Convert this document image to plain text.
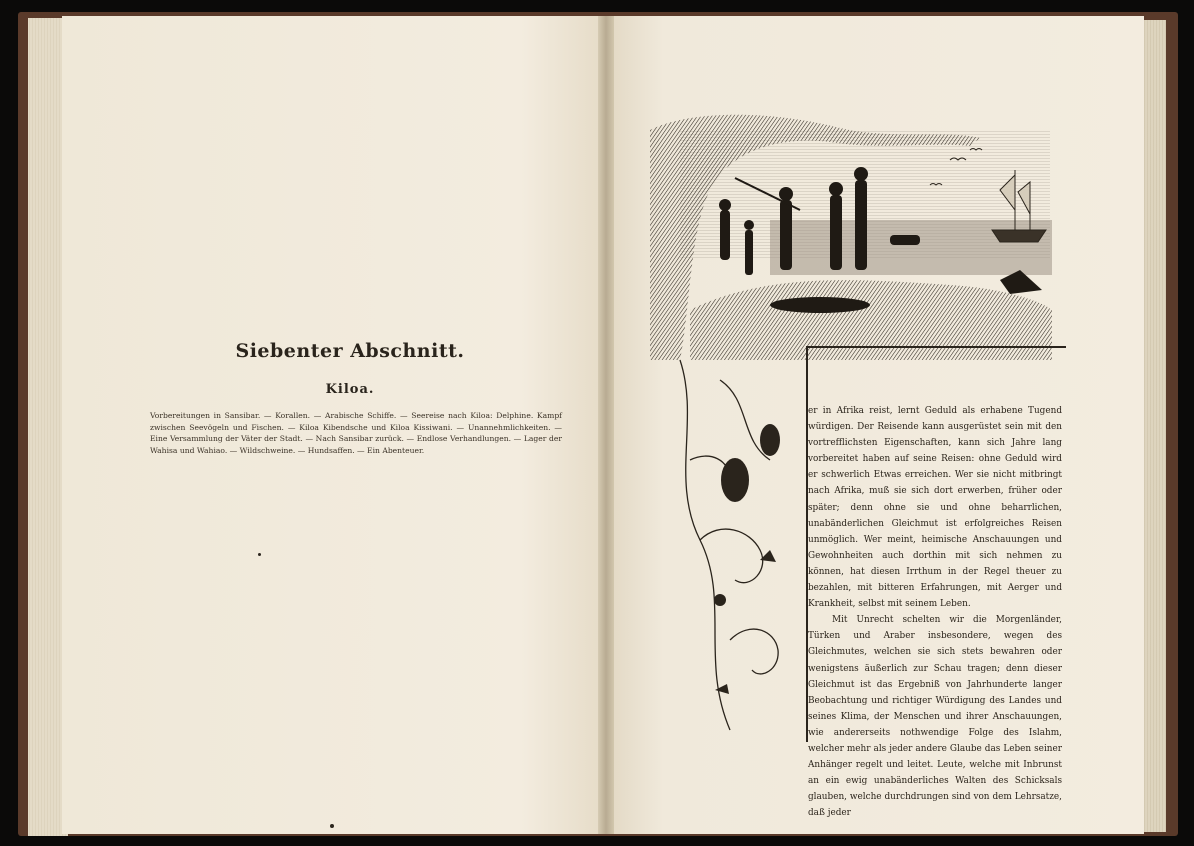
Siebenter Abschnitt.
Kiloa.
Vorbereitungen in Sansibar. — Korallen. — Arabische Schiffe. — Seereise nach Kiloa: Delphine. Kampf zwischen Seevögeln und Fischen. — Kiloa Kibendsche und Kiloa Kissiwani. — Unannehmlichkeiten. — Eine Versammlung der Väter der Stadt. — Nach Sansibar zurück. — Endlose Verhandlungen. — Lager der Wahisa und Wahiao. — Wildschweine. — Hundsaffen. — Ein Abenteuer.

er in Afrika reist, lernt Geduld als erhabene Tugend würdigen. Der Reisende kann ausgerüstet sein mit den vortrefflichsten Eigenschaften, kann sich Jahre lang vorbereitet haben auf seine Reisen: ohne Geduld wird er schwerlich Etwas erreichen. Wer sie nicht mitbringt nach Afrika, muß sie sich dort erwerben, früher oder später; denn ohne sie und ohne beharrlichen, unabänderlichen Gleichmut ist erfolgreiches Reisen unmöglich. Wer meint, heimische Anschauungen und Gewohnheiten auch dorthin mit sich nehmen zu können, hat diesen Irrthum in der Regel theuer zu bezahlen, mit bitteren Erfahrungen, mit Aerger und Krankheit, selbst mit seinem Leben.

Mit Unrecht schelten wir die Morgenländer, Türken und Araber insbesondere, wegen des Gleichmutes, welchen sie sich stets bewahren oder wenigstens äußerlich zur Schau tragen; denn dieser Gleichmut ist das Ergebniß von Jahrhunderte langer Beobachtung und richtiger Würdigung des Landes und seines Klima, der Menschen und ihrer Anschauungen, wie andererseits nothwendige Folge des Islahm, welcher mehr als jeder andere Glaube das Leben seiner Anhänger regelt und leitet. Leute, welche mit Inbrunst an ein ewig unabänderliches Walten des Schicksals glauben, welche durchdrungen sind von dem Lehrsatze, daß jeder
